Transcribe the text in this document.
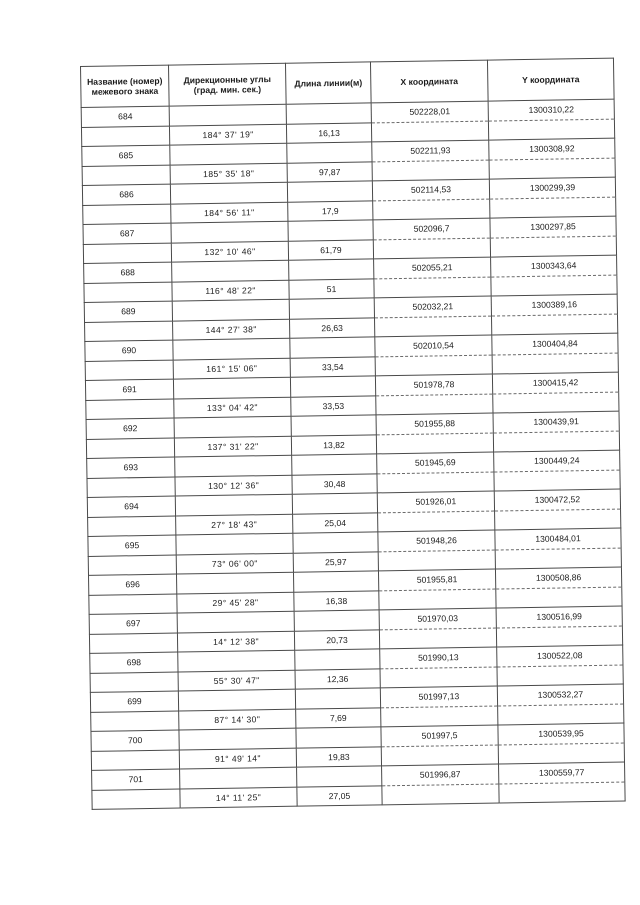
Название (номер) межевого знака	Дирекционные углы (град. мин. сек.)	Длина линии(м)	X координата	Y координата
684			502228,01	1300310,22
	184° 37' 19"	16,13		
685			502211,93	1300308,92
	185° 35' 18"	97,87		
686			502114,53	1300299,39
	184° 56' 11"	17,9		
687			502096,7	1300297,85
	132° 10' 46"	61,79		
688			502055,21	1300343,64
	116° 48' 22"	51		
689			502032,21	1300389,16
	144° 27' 38"	26,63		
690			502010,54	1300404,84
	161° 15' 06"	33,54		
691			501978,78	1300415,42
	133° 04' 42"	33,53		
692			501955,88	1300439,91
	137° 31' 22"	13,82		
693			501945,69	1300449,24
	130° 12' 36"	30,48		
694			501926,01	1300472,52
	27° 18' 43"	25,04		
695			501948,26	1300484,01
	73° 06' 00"	25,97		
696			501955,81	1300508,86
	29° 45' 28"	16,38		
697			501970,03	1300516,99
	14° 12' 38"	20,73		
698			501990,13	1300522,08
	55° 30' 47"	12,36		
699			501997,13	1300532,27
	87° 14' 30"	7,69		
700			501997,5	1300539,95
	91° 49' 14"	19,83		
701			501996,87	1300559,77
	14° 11' 25"	27,05		
